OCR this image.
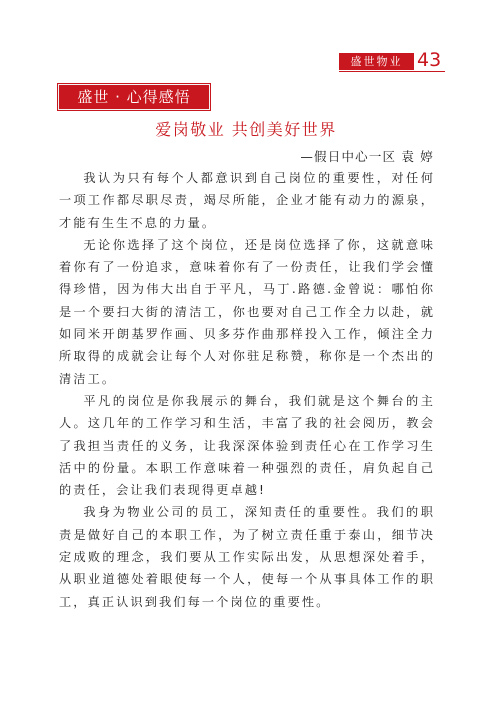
盛世物业 43
盛世 · 心得感悟
爱岗敬业 共创美好世界
—假日中心一区 袁 婷

我认为只有每个人都意识到自己岗位的重要性，对任何一项工作都尽职尽责，竭尽所能，企业才能有动力的源泉，才能有生生不息的力量。

无论你选择了这个岗位，还是岗位选择了你，这就意味着你有了一份追求，意味着你有了一份责任，让我们学会懂得珍惜，因为伟大出自于平凡，马丁.路德.金曾说：哪怕你是一个要扫大街的清洁工，你也要对自己工作全力以赴，就如同米开朗基罗作画、贝多芬作曲那样投入工作，倾注全力所取得的成就会让每个人对你驻足称赞，称你是一个杰出的清洁工。

平凡的岗位是你我展示的舞台，我们就是这个舞台的主人。这几年的工作学习和生活，丰富了我的社会阅历，教会了我担当责任的义务，让我深深体验到责任心在工作学习生活中的份量。本职工作意味着一种强烈的责任，肩负起自己的责任，会让我们表现得更卓越!

我身为物业公司的员工，深知责任的重要性。我们的职责是做好自己的本职工作，为了树立责任重于泰山，细节决定成败的理念，我们要从工作实际出发，从思想深处着手，从职业道德处着眼使每一个人，使每一个从事具体工作的职工，真正认识到我们每一个岗位的重要性。
